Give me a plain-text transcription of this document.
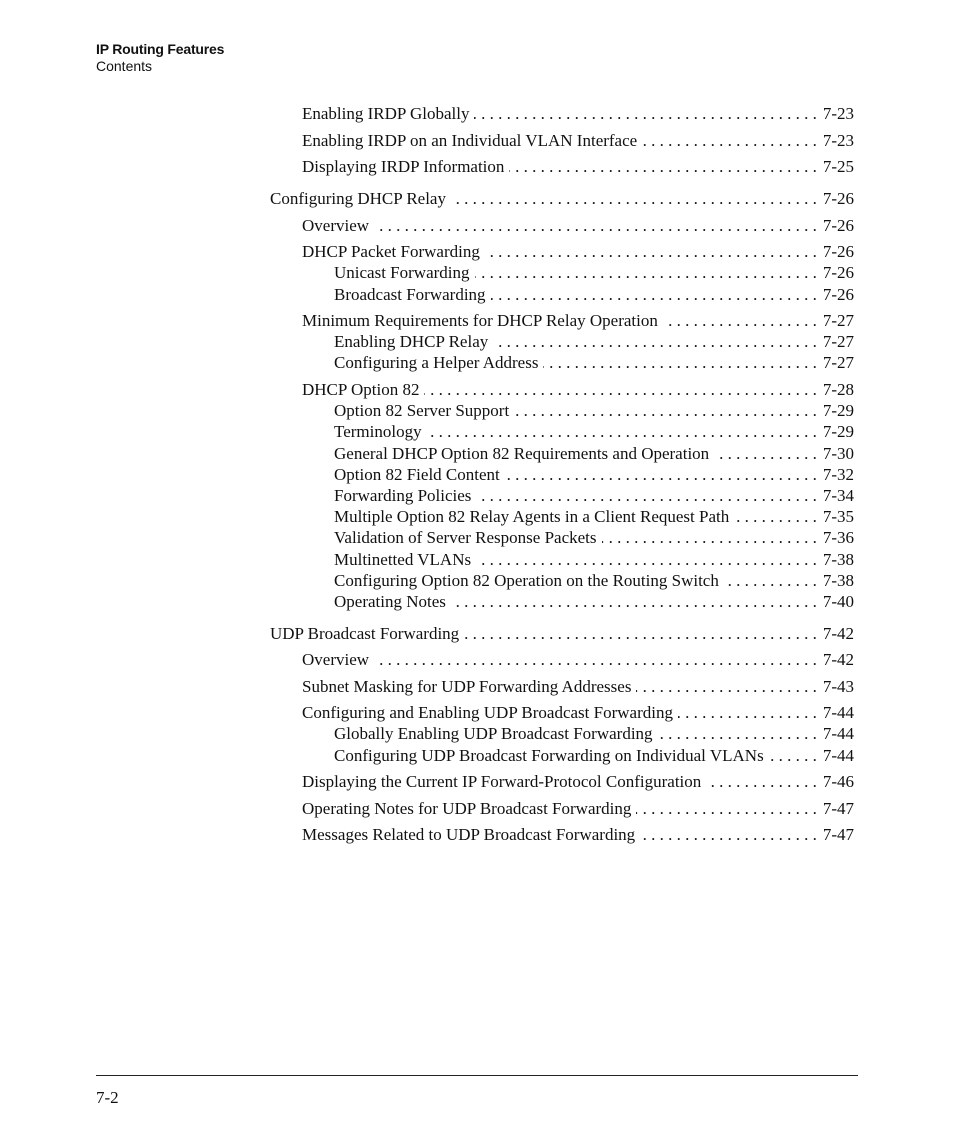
IP Routing Features
Contents
Enabling IRDP Globally . . .	7-23
Enabling IRDP on an Individual VLAN Interface . . .	7-23
Displaying IRDP Information . . .	7-25
Configuring DHCP Relay . . .	7-26
Overview . . .	7-26
DHCP Packet Forwarding . . .	7-26
Unicast Forwarding . . .	7-26
Broadcast Forwarding . . .	7-26
Minimum Requirements for DHCP Relay Operation . . .	7-27
Enabling DHCP Relay . . .	7-27
Configuring a Helper Address . . .	7-27
DHCP Option 82 . . .	7-28
Option 82 Server Support . . .	7-29
Terminology . . .	7-29
General DHCP Option 82 Requirements and Operation . . .	7-30
Option 82 Field Content . . .	7-32
Forwarding Policies . . .	7-34
Multiple Option 82 Relay Agents in a Client Request Path . . .	7-35
Validation of Server Response Packets . . .	7-36
Multinetted VLANs . . .	7-38
Configuring Option 82 Operation on the Routing Switch . . .	7-38
Operating Notes . . .	7-40
UDP Broadcast Forwarding . . .	7-42
Overview . . .	7-42
Subnet Masking for UDP Forwarding Addresses . . .	7-43
Configuring and Enabling UDP Broadcast Forwarding . . .	7-44
Globally Enabling UDP Broadcast Forwarding . . .	7-44
Configuring UDP Broadcast Forwarding on Individual VLANs . . .	7-44
Displaying the Current IP Forward-Protocol Configuration . . .	7-46
Operating Notes for UDP Broadcast Forwarding . . .	7-47
Messages Related to UDP Broadcast Forwarding . . .	7-47
7-2
